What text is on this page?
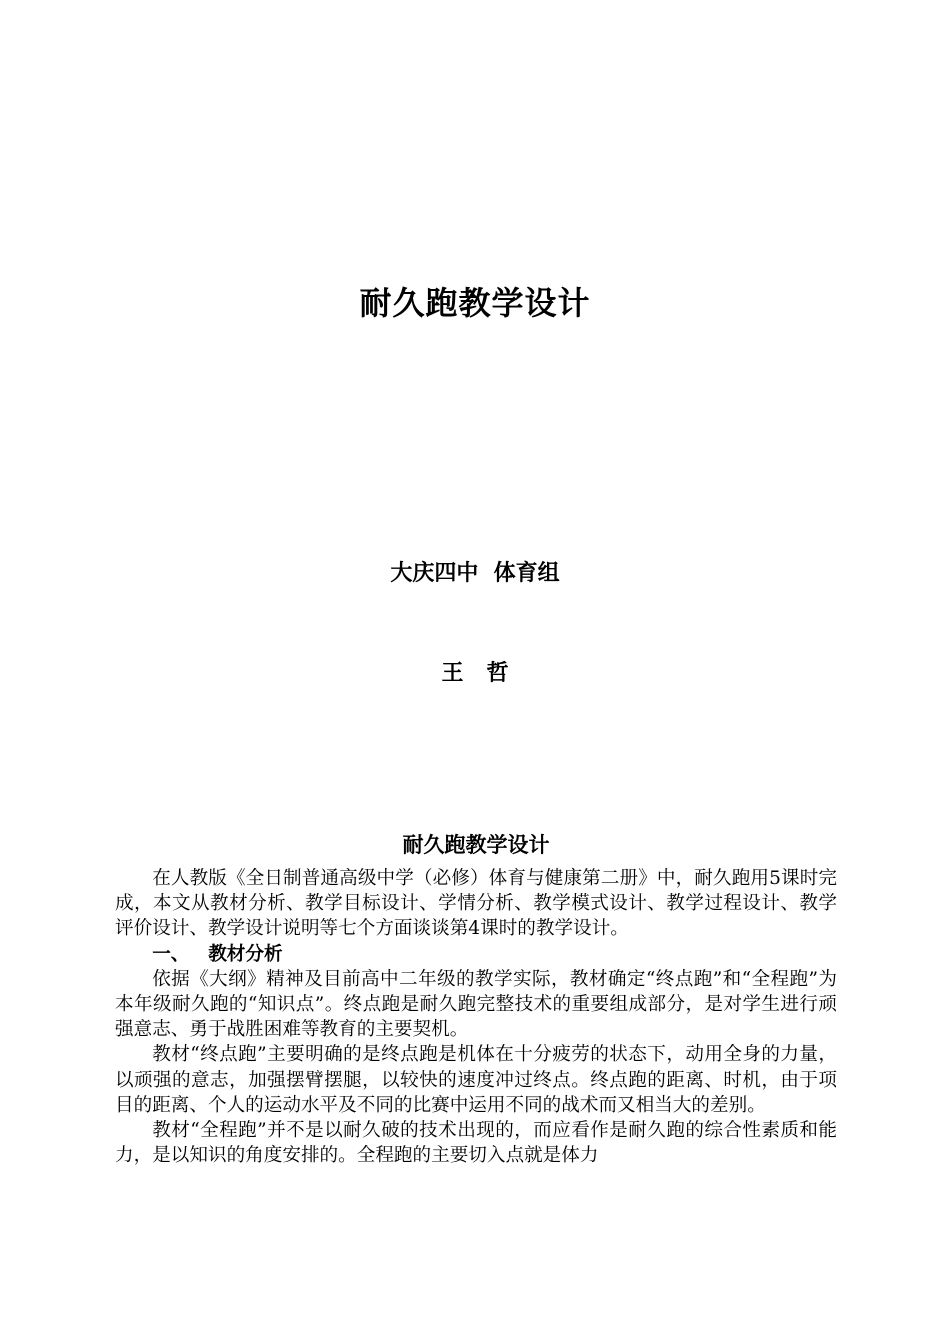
耐久跑教学设计
大庆四中  体育组
王   哲
耐久跑教学设计

在人教版《全日制普通高级中学（必修）体育与健康第二册》中，耐久跑用5课时完成，本文从教材分析、教学目标设计、学情分析、教学模式设计、教学过程设计、教学评价设计、教学设计说明等七个方面谈谈第4课时的教学设计。

一、 教材分析

依据《大纲》精神及目前高中二年级的教学实际，教材确定“终点跑”和“全程跑”为本年级耐久跑的“知识点”。终点跑是耐久跑完整技术的重要组成部分，是对学生进行顽强意志、勇于战胜困难等教育的主要契机。

教材“终点跑”主要明确的是终点跑是机体在十分疲劳的状态下，动用全身的力量，以顽强的意志，加强摆臂摆腿，以较快的速度冲过终点。终点跑的距离、时机，由于项目的距离、个人的运动水平及不同的比赛中运用不同的战术而又相当大的差别。

教材“全程跑”并不是以耐久破的技术出现的，而应看作是耐久跑的综合性素质和能力，是以知识的角度安排的。全程跑的主要切入点就是体力
